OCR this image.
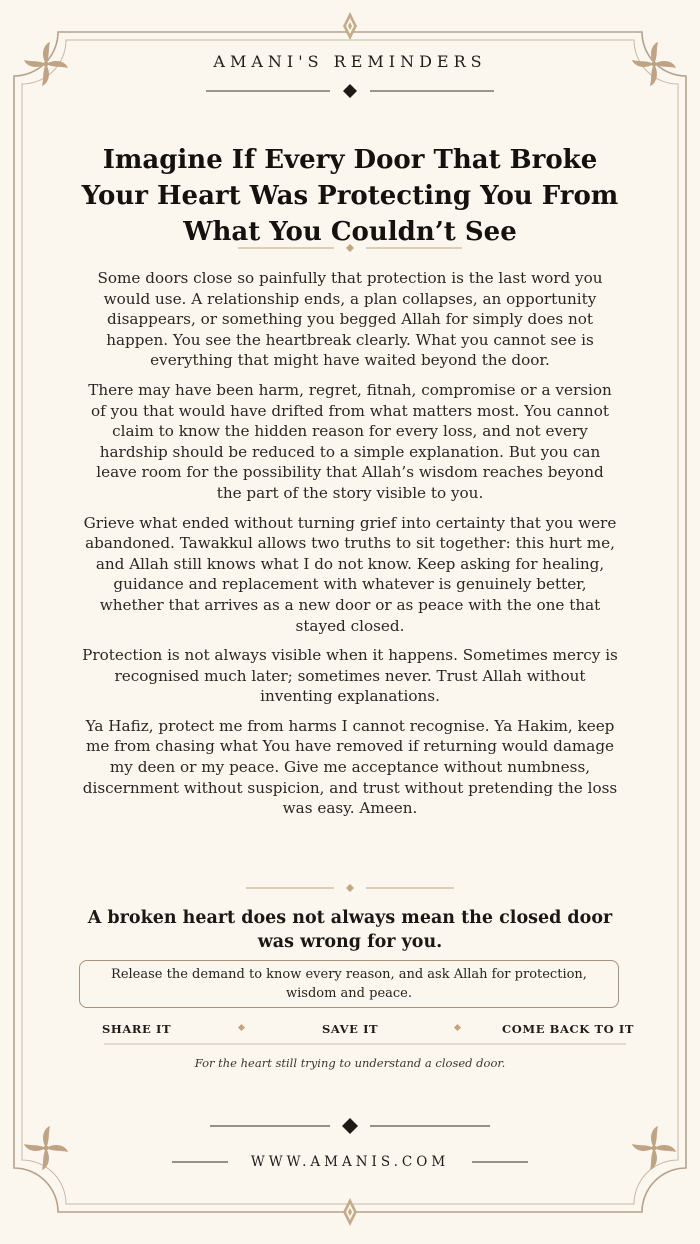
AMANI'S REMINDERS
Imagine If Every Door That Broke Your Heart Was Protecting You From What You Couldn’t See

Some doors close so painfully that protection is the last word you would use. A relationship ends, a plan collapses, an opportunity disappears, or something you begged Allah for simply does not happen. You see the heartbreak clearly. What you cannot see is everything that might have waited beyond the door.

There may have been harm, regret, fitnah, compromise or a version of you that would have drifted from what matters most. You cannot claim to know the hidden reason for every loss, and not every hardship should be reduced to a simple explanation. But you can leave room for the possibility that Allah’s wisdom reaches beyond the part of the story visible to you.

Grieve what ended without turning grief into certainty that you were abandoned. Tawakkul allows two truths to sit together: this hurt me, and Allah still knows what I do not know. Keep asking for healing, guidance and replacement with whatever is genuinely better, whether that arrives as a new door or as peace with the one that stayed closed.

Protection is not always visible when it happens. Sometimes mercy is recognised much later; sometimes never. Trust Allah without inventing explanations.

Ya Hafiz, protect me from harms I cannot recognise. Ya Hakim, keep me from chasing what You have removed if returning would damage my deen or my peace. Give me acceptance without numbness, discernment without suspicion, and trust without pretending the loss was easy. Ameen.

A broken heart does not always mean the closed door was wrong for you.

Release the demand to know every reason, and ask Allah for protection, wisdom and peace.
SHARE IT	SAVE IT	COME BACK TO IT
For the heart still trying to understand a closed door.
WWW.AMANIS.COM
